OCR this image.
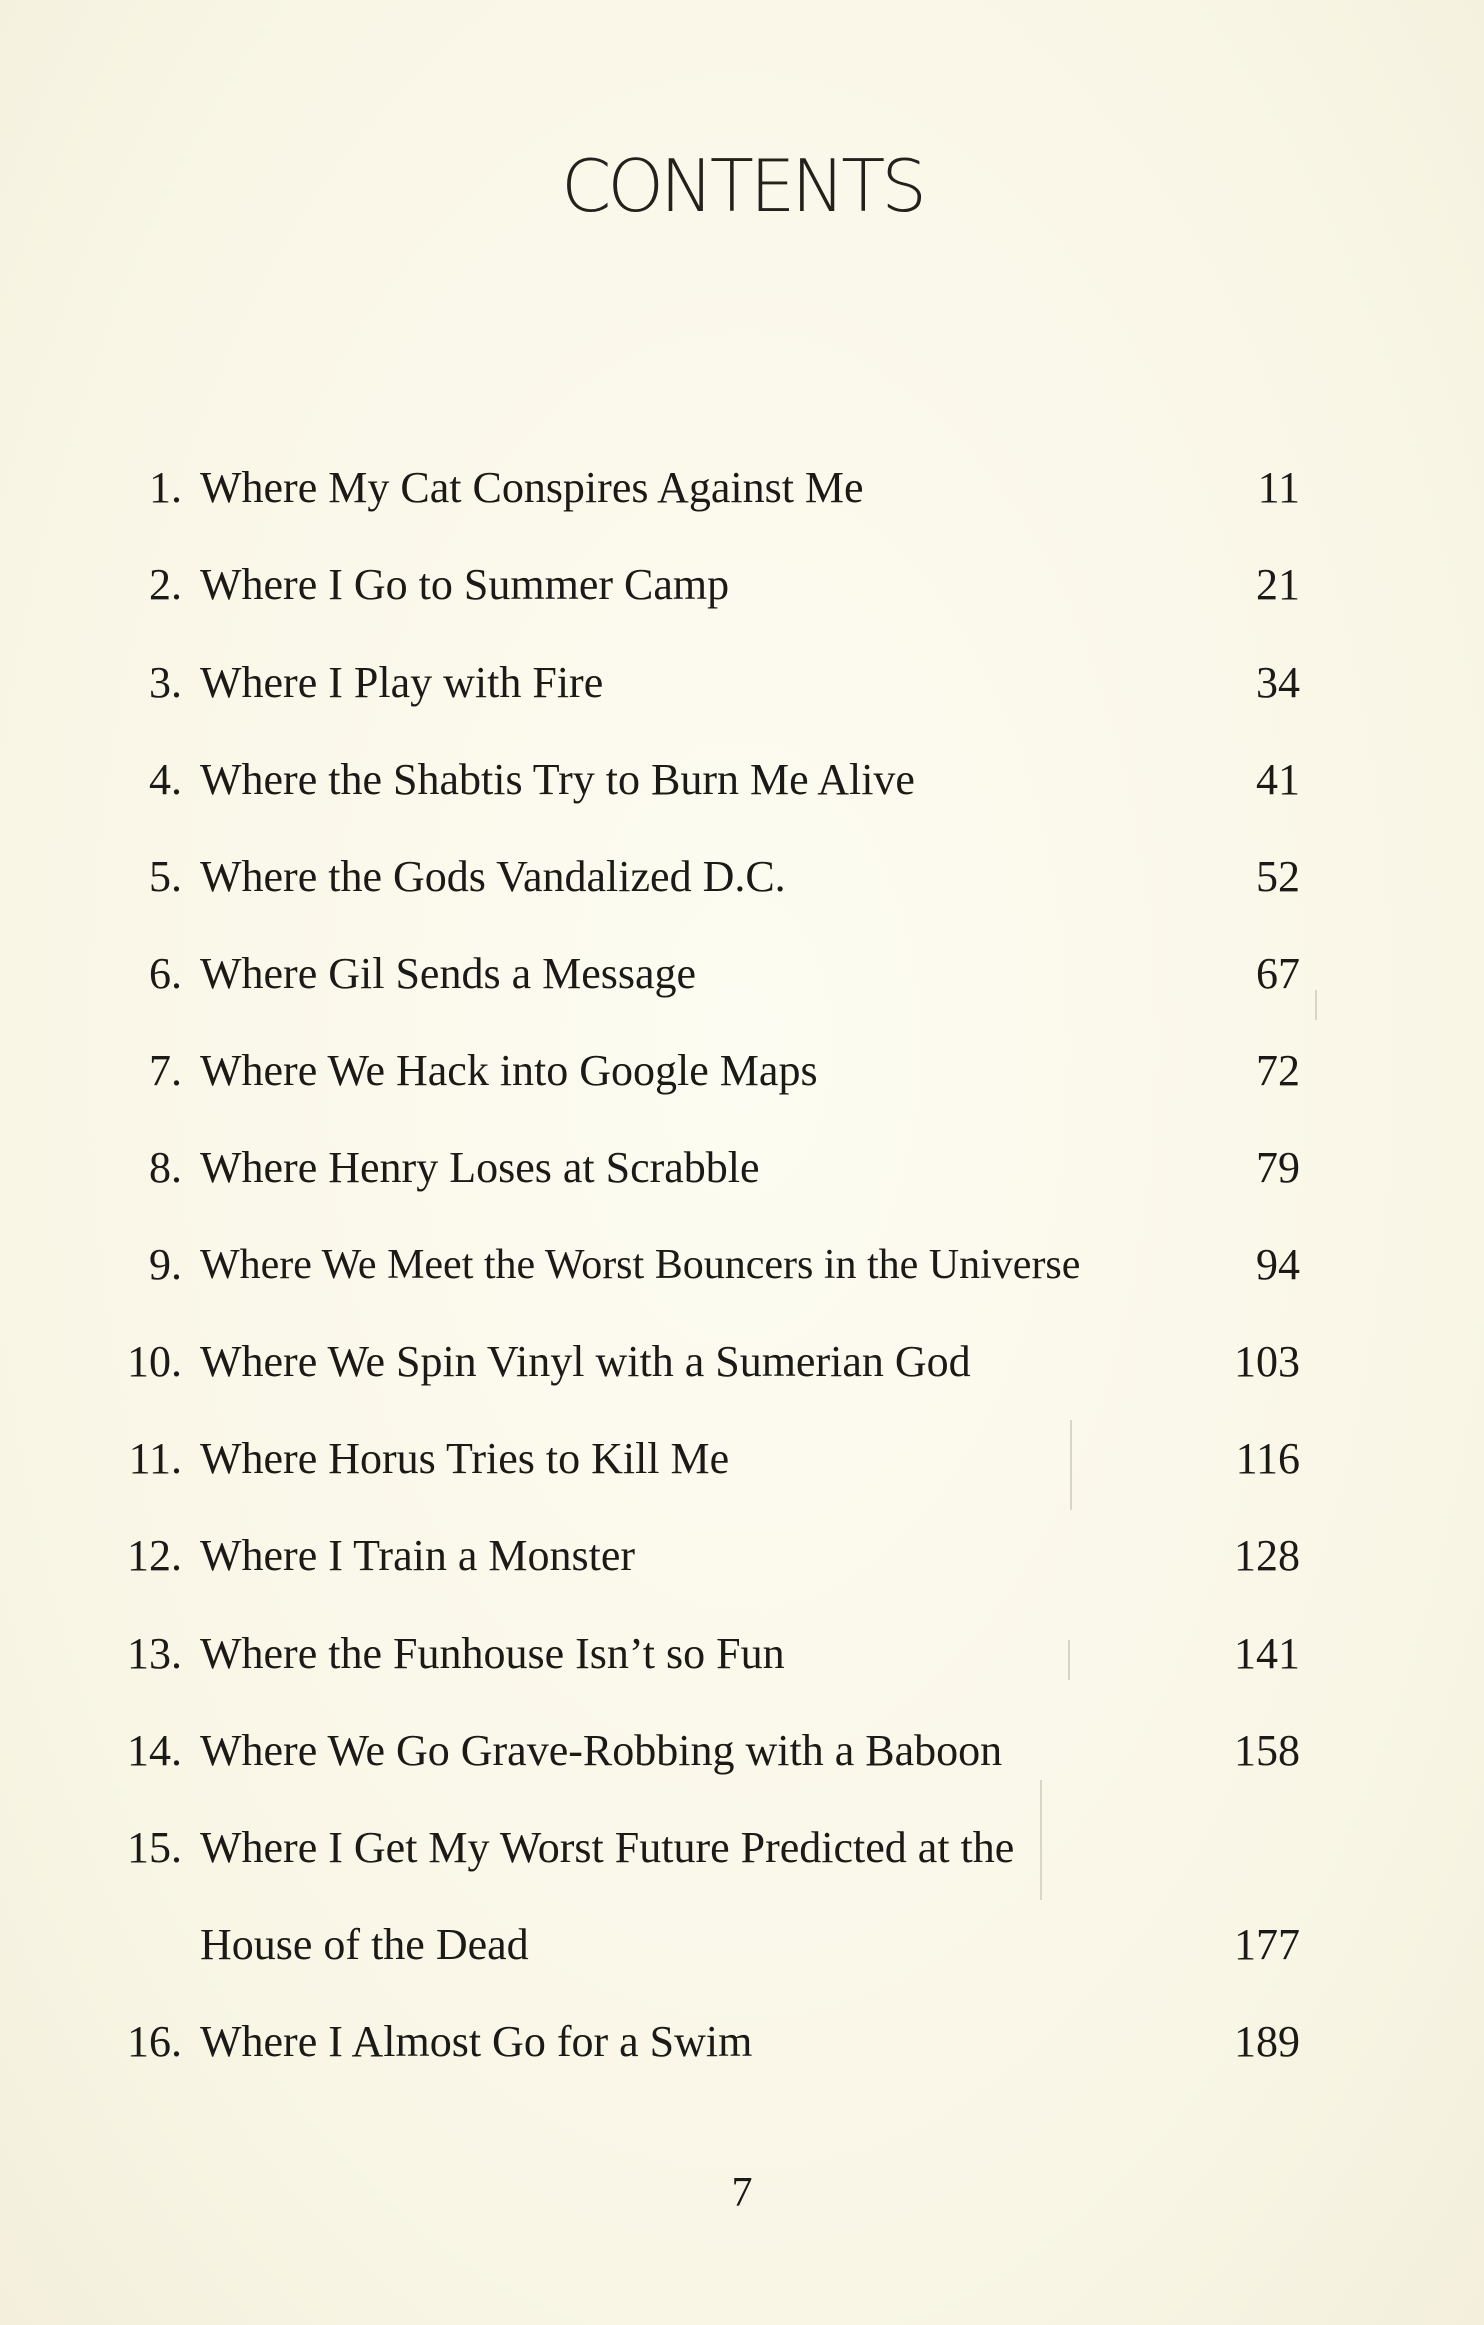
CONTENTS
1. Where My Cat Conspires Against Me	11
2. Where I Go to Summer Camp	21
3. Where I Play with Fire	34
4. Where the Shabtis Try to Burn Me Alive	41
5. Where the Gods Vandalized D.C.	52
6. Where Gil Sends a Message	67
7. Where We Hack into Google Maps	72
8. Where Henry Loses at Scrabble	79
9. Where We Meet the Worst Bouncers in the Universe	94
10. Where We Spin Vinyl with a Sumerian God	103
11. Where Horus Tries to Kill Me	116
12. Where I Train a Monster	128
13. Where the Funhouse Isn’t so Fun	141
14. Where We Go Grave-Robbing with a Baboon	158
15. Where I Get My Worst Future Predicted at the
House of the Dead	177
16. Where I Almost Go for a Swim	189
7
